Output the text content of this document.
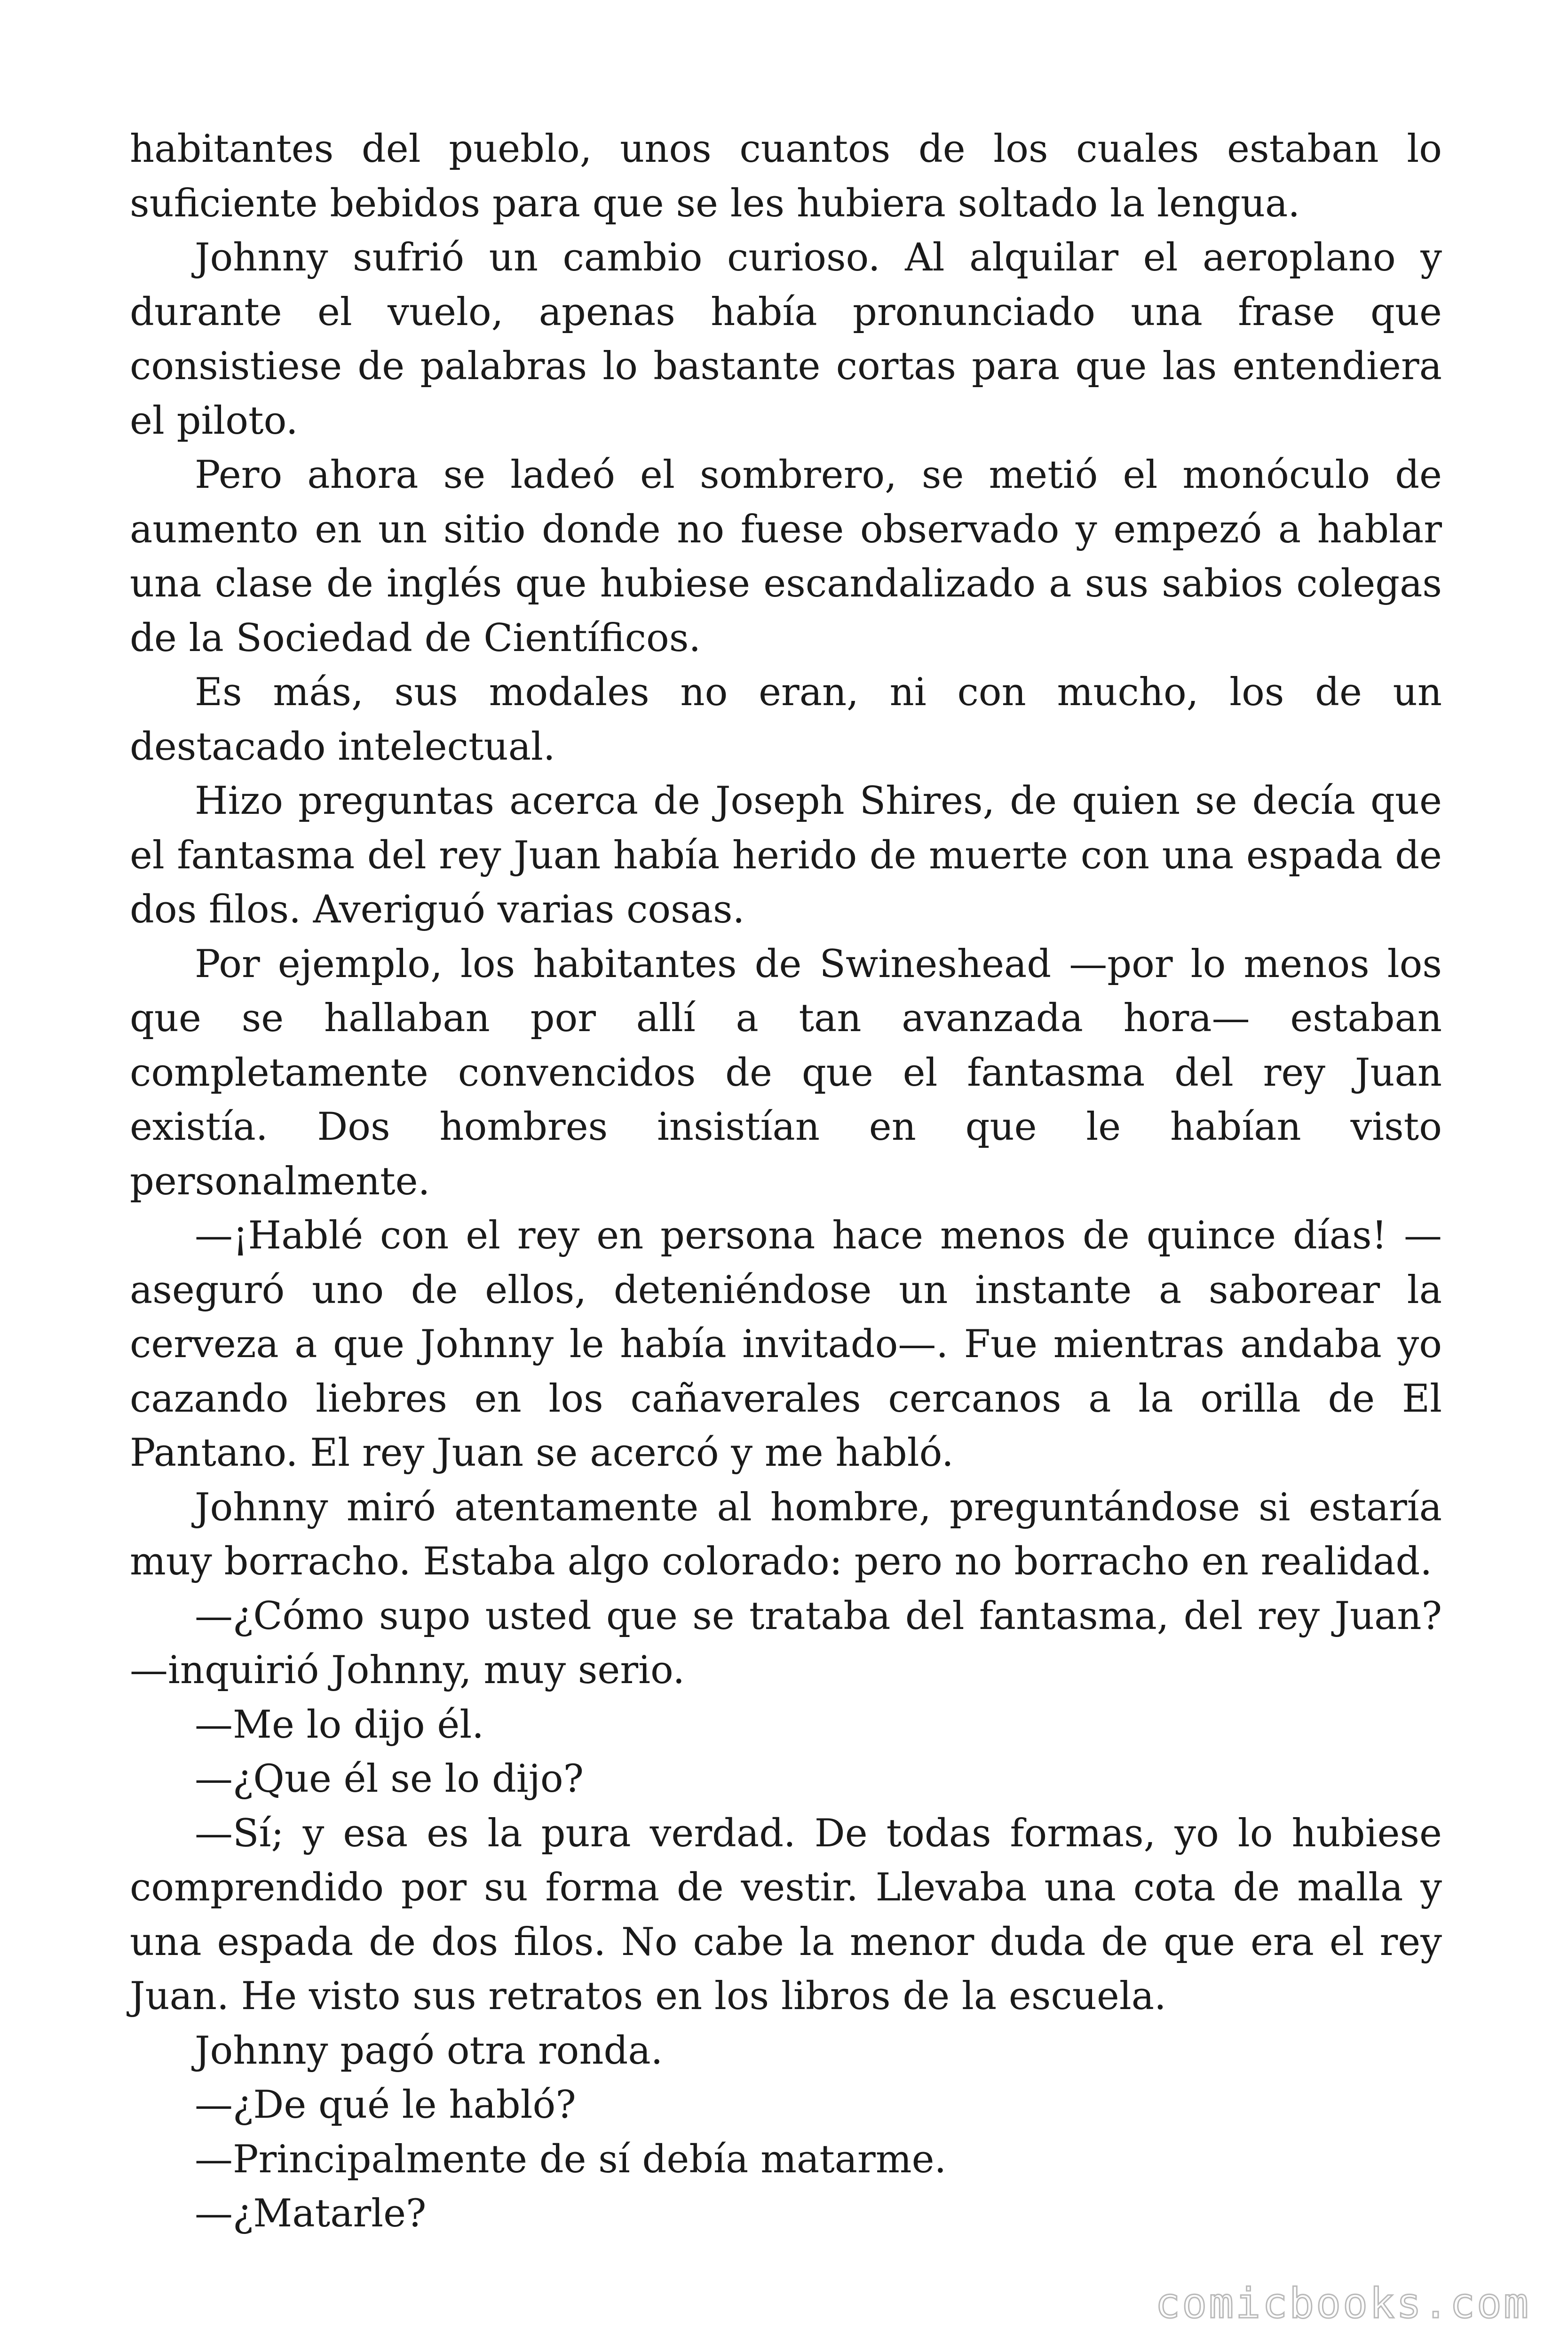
habitantes del pueblo, unos cuantos de los cuales estaban lo suficiente bebidos para que se les hubiera soltado la lengua.

Johnny sufrió un cambio curioso. Al alquilar el aeroplano y durante el vuelo, apenas había pronunciado una frase que consistiese de palabras lo bastante cortas para que las entendiera el piloto.

Pero ahora se ladeó el sombrero, se metió el monóculo de aumento en un sitio donde no fuese observado y empezó a hablar una clase de inglés que hubiese escandalizado a sus sabios colegas de la Sociedad de Científicos.

Es más, sus modales no eran, ni con mucho, los de un destacado intelectual.

Hizo preguntas acerca de Joseph Shires, de quien se decía que el fantasma del rey Juan había herido de muerte con una espada de dos filos. Averiguó varias cosas.

Por ejemplo, los habitantes de Swineshead —por lo menos los que se hallaban por allí a tan avanzada hora— estaban completamente convencidos de que el fantasma del rey Juan existía. Dos hombres insistían en que le habían visto personalmente.

—¡Hablé con el rey en persona hace menos de quince días! —aseguró uno de ellos, deteniéndose un instante a saborear la cerveza a que Johnny le había invitado—. Fue mientras andaba yo cazando liebres en los cañaverales cercanos a la orilla de El Pantano. El rey Juan se acercó y me habló.

Johnny miró atentamente al hombre, preguntándose si estaría muy borracho. Estaba algo colorado: pero no borracho en realidad.

—¿Cómo supo usted que se trataba del fantasma, del rey Juan? —inquirió Johnny, muy serio.

—Me lo dijo él.

—¿Que él se lo dijo?

—Sí; y esa es la pura verdad. De todas formas, yo lo hubiese comprendido por su forma de vestir. Llevaba una cota de malla y una espada de dos filos. No cabe la menor duda de que era el rey Juan. He visto sus retratos en los libros de la escuela.

Johnny pagó otra ronda.

—¿De qué le habló?

—Principalmente de sí debía matarme.

—¿Matarle?

comicbooks.com
